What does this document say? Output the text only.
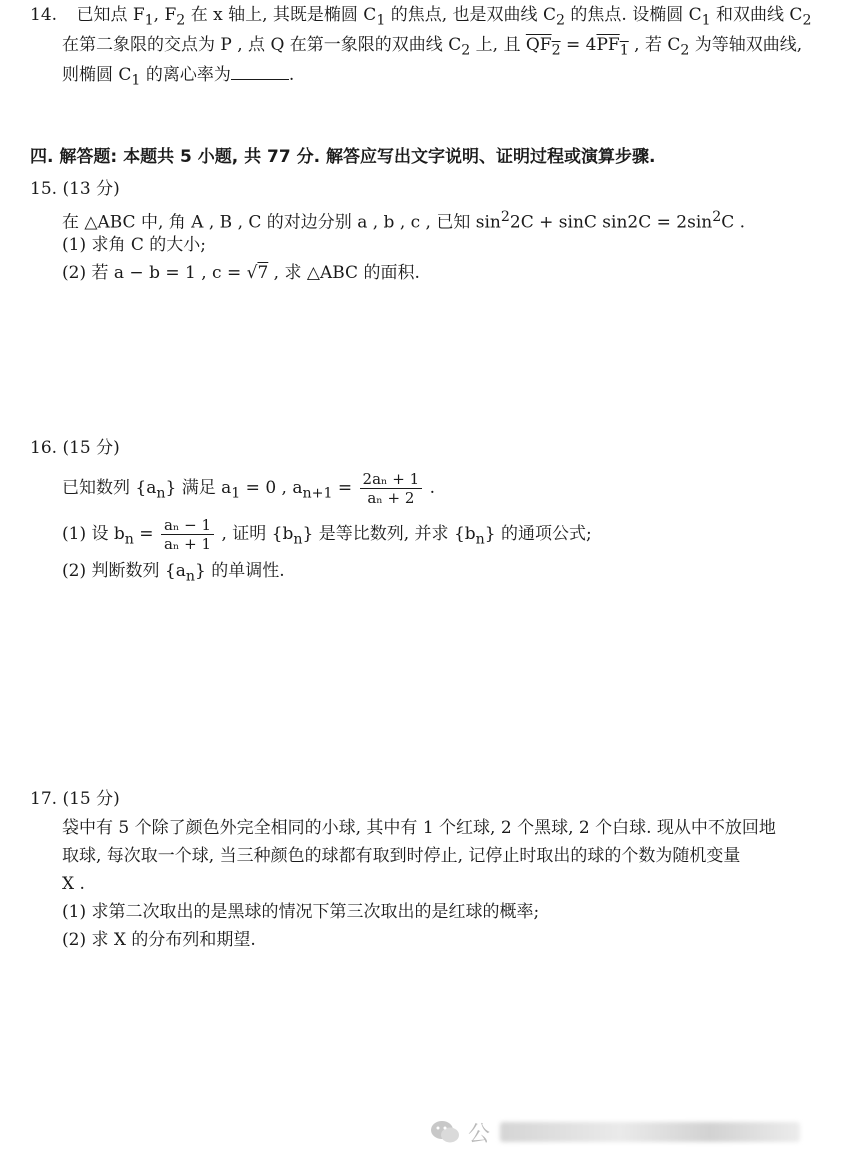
14. 已知点 $F_1$, $F_2$ 在 x 轴上, 其既是椭圆 $C_1$ 的焦点, 也是双曲线 $C_2$ 的焦点. 设椭圆 $C_1$ 和双曲线 $C_2$
在第二象限的交点为 P , 点 Q 在第一象限的双曲线 $C_2$ 上, 且 $QF_2 = 4PF_1$ , 若 $C_2$ 为等轴双曲线,
则椭圆 $C_1$ 的离心率为	.
四. 解答题: 本题共 5 小题, 共 77 分. 解答应写出文字说明、证明过程或演算步骤.
15. (13 分)
在 △ABC 中, 角 A , B , C 的对边分别 a , b , c , 已知 $\sin^22C + \sin C$ $\sin 2C = 2\sin^2C$ .
(1) 求角 C 的大小;
(2) 若 a − b = 1 , c = √7 , 求 △ABC 的面积.
16. (15 分)
已知数列 $\{a_n\}$ 满足 $a_1 = 0$ , $a_{n+1} = \frac{\text{2aₙ + 1}}{\text{aₙ + 2}}$ .
(1) 设 $b_n = \frac{\text{aₙ − 1}}{\text{aₙ + 1}}$ , 证明 $\{b_n\}$ 是等比数列, 并求 $\{b_n\}$ 的通项公式;
(2) 判断数列 $\{a_n\}$ 的单调性.
17. (15 分)
袋中有 5 个除了颜色外完全相同的小球, 其中有 1 个红球, 2 个黑球, 2 个白球. 现从中不放回地
取球, 每次取一个球, 当三种颜色的球都有取到时停止, 记停止时取出的球的个数为随机变量
X .
(1) 求第二次取出的是黑球的情况下第三次取出的是红球的概率;
(2) 求 X 的分布列和期望.
公
